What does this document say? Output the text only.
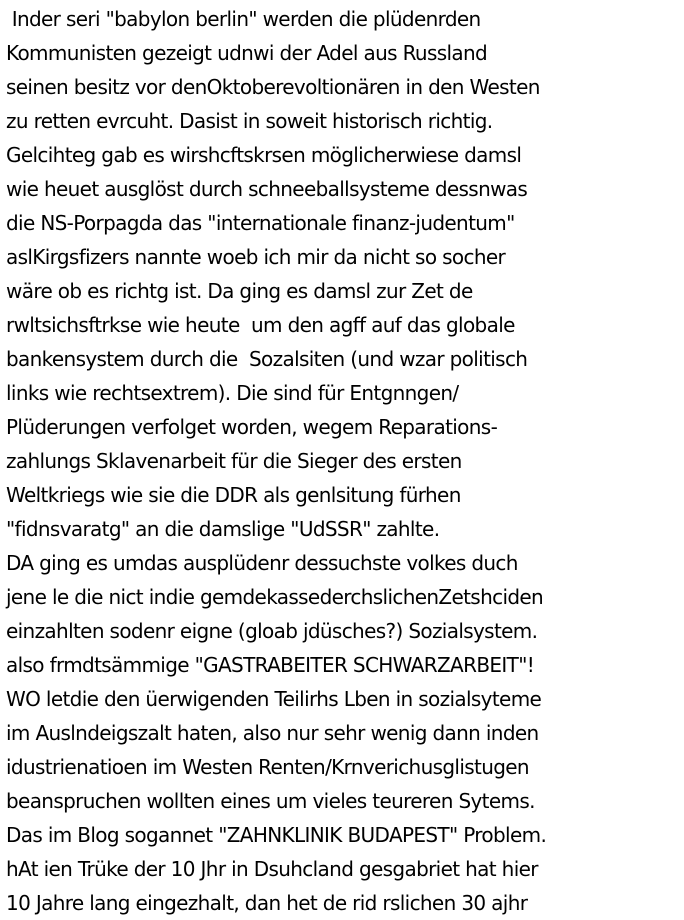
Inder seri "babylon berlin" werden die plüdenrden
Kommunisten gezeigt udnwi der Adel aus Russland
seinen besitz vor denOktoberevoltionären in den Westen
zu retten evrcuht. Dasist in soweit historisch richtig.
Gelcihteg gab es wirshcftskrsen möglicherwiese damsl
wie heuet ausglöst durch schneeballsysteme dessnwas
die NS-Porpagda das "internationale finanz-judentum"
aslKirgsfizers nannte woeb ich mir da nicht so socher
wäre ob es richtg ist. Da ging es damsl zur Zet de
rwltsichsftrkse wie heute  um den agff auf das globale
bankensystem durch die  Sozalsiten (und wzar politisch
links wie rechtsextrem). Die sind für Entgnngen/
Plüderungen verfolget worden, wegem Reparations-
zahlungs Sklavenarbeit für die Sieger des ersten
Weltkriegs wie sie die DDR als genlsitung fürhen
"fidnsvaratg" an die damslige "UdSSR" zahlte.
DA ging es umdas ausplüdenr dessuchste volkes duch
jene le die nict indie gemdekassederchslichenZetshciden
einzahlten sodenr eigne (gloab jdüsches?) Sozialsystem.
also frmdtsämmige "GASTRABEITER SCHWARZARBEIT"!
WO letdie den üerwigenden Teilirhs Lben in sozialsyteme
im Auslndeigszalt haten, also nur sehr wenig dann inden
idustrienatioen im Westen Renten/Krnverichusglistugen
beanspruchen wollten eines um vieles teureren Sytems.
Das im Blog sogannet "ZAHNKLINIK BUDAPEST" Problem.
hAt ien Trüke der 10 Jhr in Dsuhcland gesgabriet hat hier
10 Jahre lang eingezhalt, dan het de rid rslichen 30 ajhr
